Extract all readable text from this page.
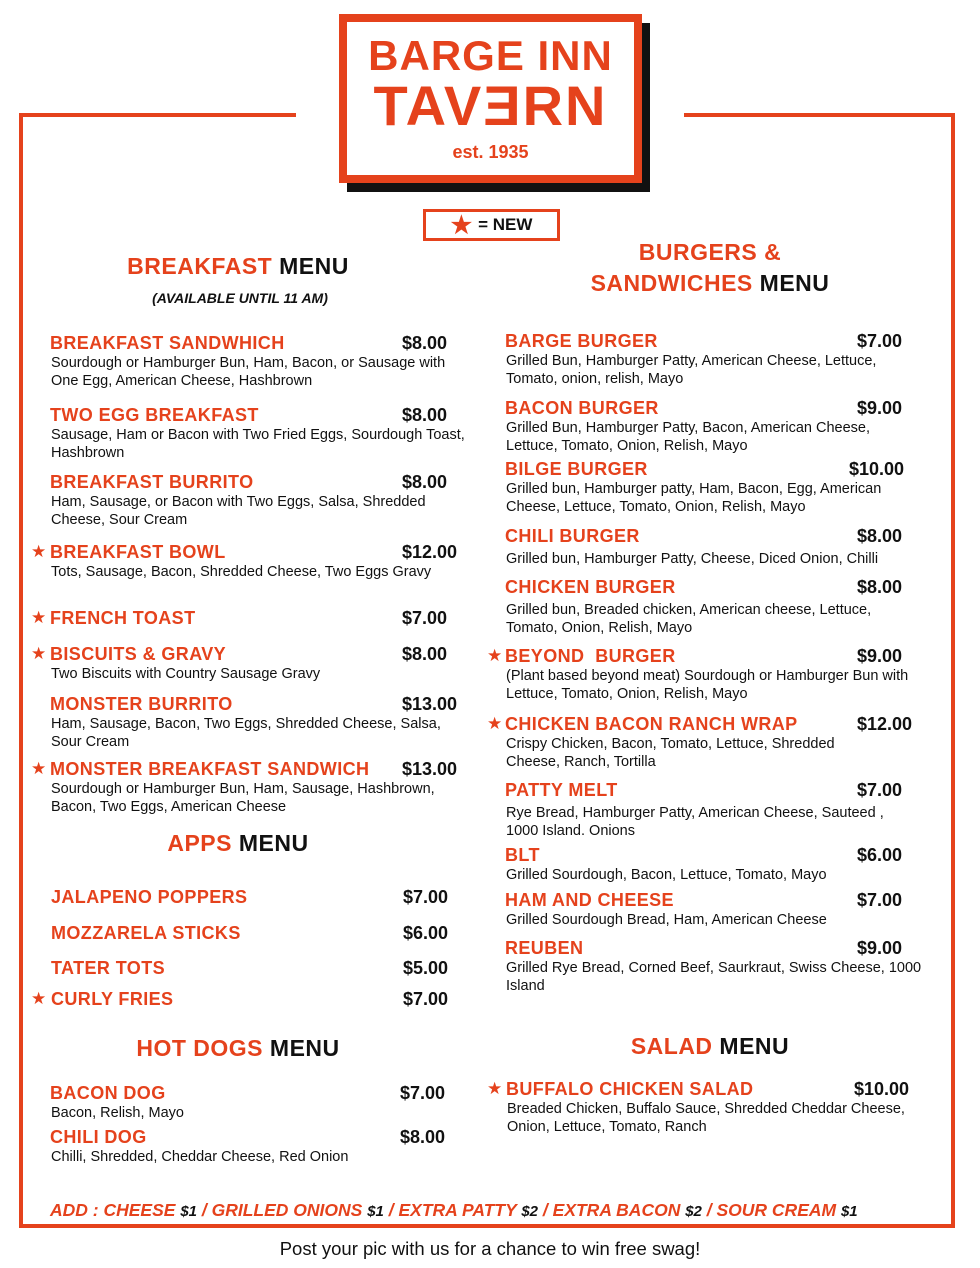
BARGE INN
TAVƎRN
est. 1935
★ = NEW
BREAKFAST MENU
(AVAILABLE UNTIL 11 AM)
BURGERS &
SANDWICHES MENU
APPS MENU
HOT DOGS MENU	SALAD MENU
BREAKFAST SANDWHICH	$8.00
Sourdough or Hamburger Bun, Ham, Bacon, or Sausage with One Egg, American Cheese, Hashbrown
TWO EGG BREAKFAST	$8.00
Sausage, Ham or Bacon with Two Fried Eggs, Sourdough Toast, Hashbrown
BREAKFAST BURRITO	$8.00
Ham, Sausage, or Bacon with Two Eggs, Salsa, Shredded Cheese, Sour Cream
★ BREAKFAST BOWL	$12.00
Tots, Sausage, Bacon, Shredded Cheese, Two Eggs Gravy
★ FRENCH TOAST	$7.00
★ BISCUITS & GRAVY	$8.00
Two Biscuits with Country Sausage Gravy
MONSTER BURRITO	$13.00
Ham, Sausage, Bacon, Two Eggs, Shredded Cheese, Salsa, Sour Cream
★ MONSTER BREAKFAST SANDWICH $13.00
Sourdough or Hamburger Bun, Ham, Sausage, Hashbrown, Bacon, Two Eggs, American Cheese
JALAPENO POPPERS	$7.00
MOZZARELA STICKS	$6.00
TATER TOTS	$5.00
★ CURLY FRIES	$7.00
BACON DOG	$7.00
Bacon, Relish, Mayo
CHILI DOG	$8.00
Chilli, Shredded, Cheddar Cheese, Red Onion
BARGE BURGER	$7.00
Grilled Bun, Hamburger Patty, American Cheese, Lettuce, Tomato, onion, relish, Mayo
BACON BURGER	$9.00
Grilled Bun, Hamburger Patty, Bacon, American Cheese, Lettuce, Tomato, Onion, Relish, Mayo
BILGE BURGER	$10.00
Grilled bun, Hamburger patty, Ham, Bacon, Egg, American Cheese, Lettuce, Tomato, Onion, Relish, Mayo
CHILI BURGER	$8.00
Grilled bun, Hamburger Patty, Cheese, Diced Onion, Chilli
CHICKEN BURGER	$8.00
Grilled bun, Breaded chicken, American cheese, Lettuce, Tomato, Onion, Relish, Mayo
★ BEYOND  BURGER	$9.00
(Plant based beyond meat) Sourdough or Hamburger Bun with Lettuce, Tomato, Onion, Relish, Mayo
★ CHICKEN BACON RANCH WRAP	$12.00
Crispy Chicken, Bacon, Tomato, Lettuce, Shredded Cheese, Ranch, Tortilla
PATTY MELT	$7.00
Rye Bread, Hamburger Patty, American Cheese, Sauteed , 1000 Island. Onions
BLT	$6.00
Grilled Sourdough, Bacon, Lettuce, Tomato, Mayo
HAM AND CHEESE	$7.00
Grilled Sourdough Bread, Ham, American Cheese
REUBEN	$9.00
Grilled Rye Bread, Corned Beef, Saurkraut, Swiss Cheese, 1000 Island
★ BUFFALO CHICKEN SALAD	$10.00
Breaded Chicken, Buffalo Sauce, Shredded Cheddar Cheese, Onion, Lettuce, Tomato, Ranch
ADD : CHEESE $1 / GRILLED ONIONS $1 / EXTRA PATTY $2 / EXTRA BACON $2 / SOUR CREAM $1
Post your pic with us for a chance to win free swag!
